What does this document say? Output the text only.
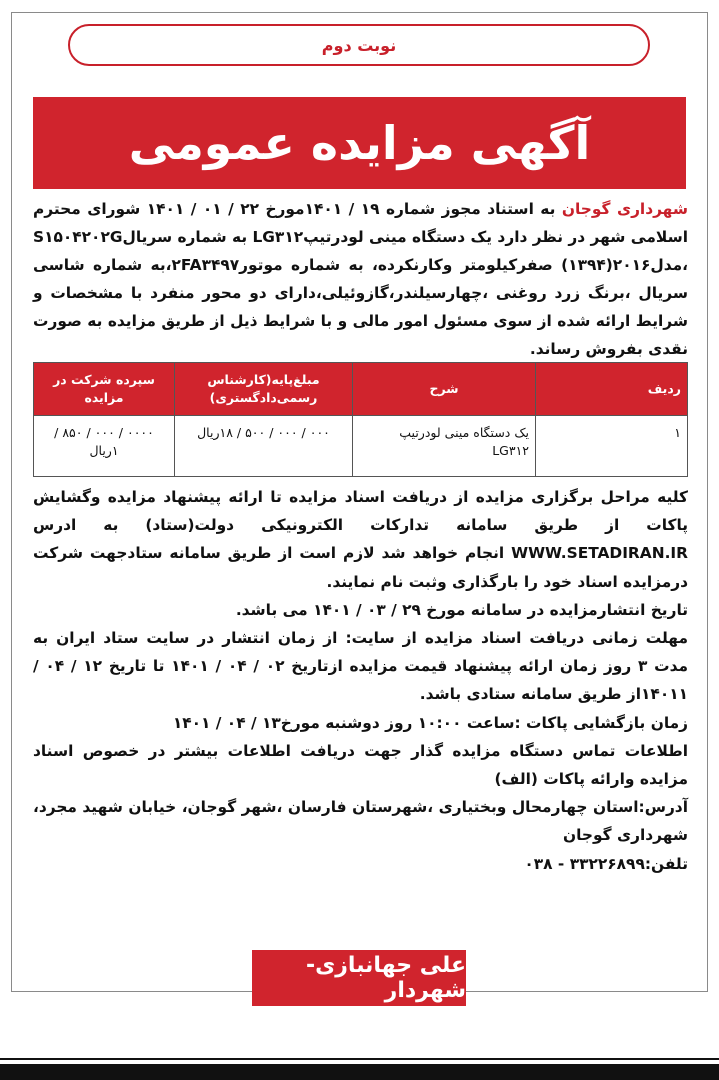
نوبت دوم
آگهی مزایده عمومی
شهرداری گوجان به استناد مجوز شماره ۱۹ / ۱۴۰۱مورخ ۲۲ / ۰۱ / ۱۴۰۱ شورای محترم اسلامی شهر در نظر دارد یک دستگاه مینی لودرتیپLG۳۱۲ به شماره سریالS۱۵۰۴۲۰۲G ،مدل۲۰۱۶(۱۳۹۴) صفرکیلومتر وکارنکرده، به شماره موتور۲FA۳۴۹۷،به شماره شاسی سریال ،برنگ زرد روغنی ،چهارسیلندر،گازوئیلی،دارای دو محور منفرد با مشخصات و شرایط ارائه شده از سوی مسئول امور مالی و با شرایط ذیل از طریق مزایده به صورت نقدی بفروش رساند.
ردیف	شرح	مبلغ‌پایه(کارشناس رسمی‌دادگستری)	سپرده شرکت در مزایده
۱	یک دستگاه مینی لودرتیپ LG۳۱۲	۰۰۰ / ۰۰۰ / ۵۰۰ / ۱۸ریال	۰۰۰۰ / ۰۰۰ / ۸۵۰ / ۱ریال

کلیه مراحل برگزاری مزایده از دریافت اسناد مزایده تا ارائه پیشنهاد مزایده وگشایش پاکات از طریق سامانه تدارکات الکترونیکی دولت(ستاد) به ادرس WWW.SETADIRAN.IR انجام خواهد شد لازم است از طریق سامانه ستادجهت شرکت درمزایده اسناد خود را بارگذاری وثبت نام نمایند.

تاریخ انتشارمزایده در سامانه مورخ ۲۹ / ۰۳ / ۱۴۰۱ می باشد.

مهلت زمانی دریافت اسناد مزایده از سایت: از زمان انتشار در سایت ستاد ایران به مدت ۳ روز زمان ارائه پیشنهاد قیمت مزایده ازتاریخ ۰۲ / ۰۴ / ۱۴۰۱ تا تاریخ ۱۲ / ۰۴ / ۱۴۰۱۱از طریق سامانه ستادی باشد.

زمان بازگشایی پاکات :ساعت ۱۰:۰۰ روز دوشنبه مورخ۱۳ / ۰۴ / ۱۴۰۱

اطلاعات تماس دستگاه مزایده گذار جهت دریافت اطلاعات بیشتر در خصوص اسناد مزایده وارائه پاکات (الف)

آدرس:استان چهارمحال وبختیاری ،شهرستان فارسان ،شهر گوجان، خیابان شهید مجرد، شهرداری گوجان

تلفن:۳۳۲۲۶۸۹۹ - ۰۳۸

علی جهانبازی-شهردار
